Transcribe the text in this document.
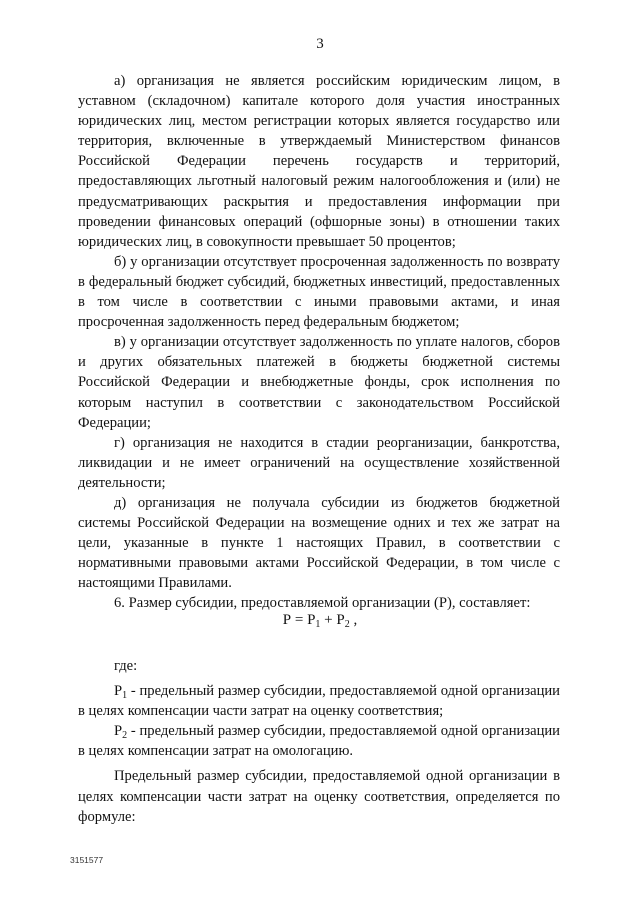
3

а) организация не является российским юридическим лицом, в уставном (складочном) капитале которого доля участия иностранных юридических лиц, местом регистрации которых является государство или территория, включенные в утверждаемый Министерством финансов Российской Федерации перечень государств и территорий, предоставляющих льготный налоговый режим налогообложения и (или) не предусматривающих раскрытия и предоставления информации при проведении финансовых операций (офшорные зоны) в отношении таких юридических лиц, в совокупности превышает 50 процентов;

б) у организации отсутствует просроченная задолженность по возврату в федеральный бюджет субсидий, бюджетных инвестиций, предоставленных в том числе в соответствии с иными правовыми актами, и иная просроченная задолженность перед федеральным бюджетом;

в) у организации отсутствует задолженность по уплате налогов, сборов и других обязательных платежей в бюджеты бюджетной системы Российской Федерации и внебюджетные фонды, срок исполнения по которым наступил в соответствии с законодательством Российской Федерации;

г) организация не находится в стадии реорганизации, банкротства, ликвидации и не имеет ограничений на осуществление хозяйственной деятельности;

д) организация не получала субсидии из бюджетов бюджетной системы Российской Федерации на возмещение одних и тех же затрат на цели, указанные в пункте 1 настоящих Правил, в соответствии с нормативными правовыми актами Российской Федерации, в том числе с настоящими Правилами.

6. Размер субсидии, предоставляемой организации (Р), составляет:

$Р = Р_1 + Р_2$ ,

где:

$Р_1$ - предельный размер субсидии, предоставляемой одной организации в целях компенсации части затрат на оценку соответствия;

$Р_2$ - предельный размер субсидии, предоставляемой одной организации в целях компенсации затрат на омологацию.

Предельный размер субсидии, предоставляемой одной организации в целях компенсации части затрат на оценку соответствия, определяется по формуле:

3151577
